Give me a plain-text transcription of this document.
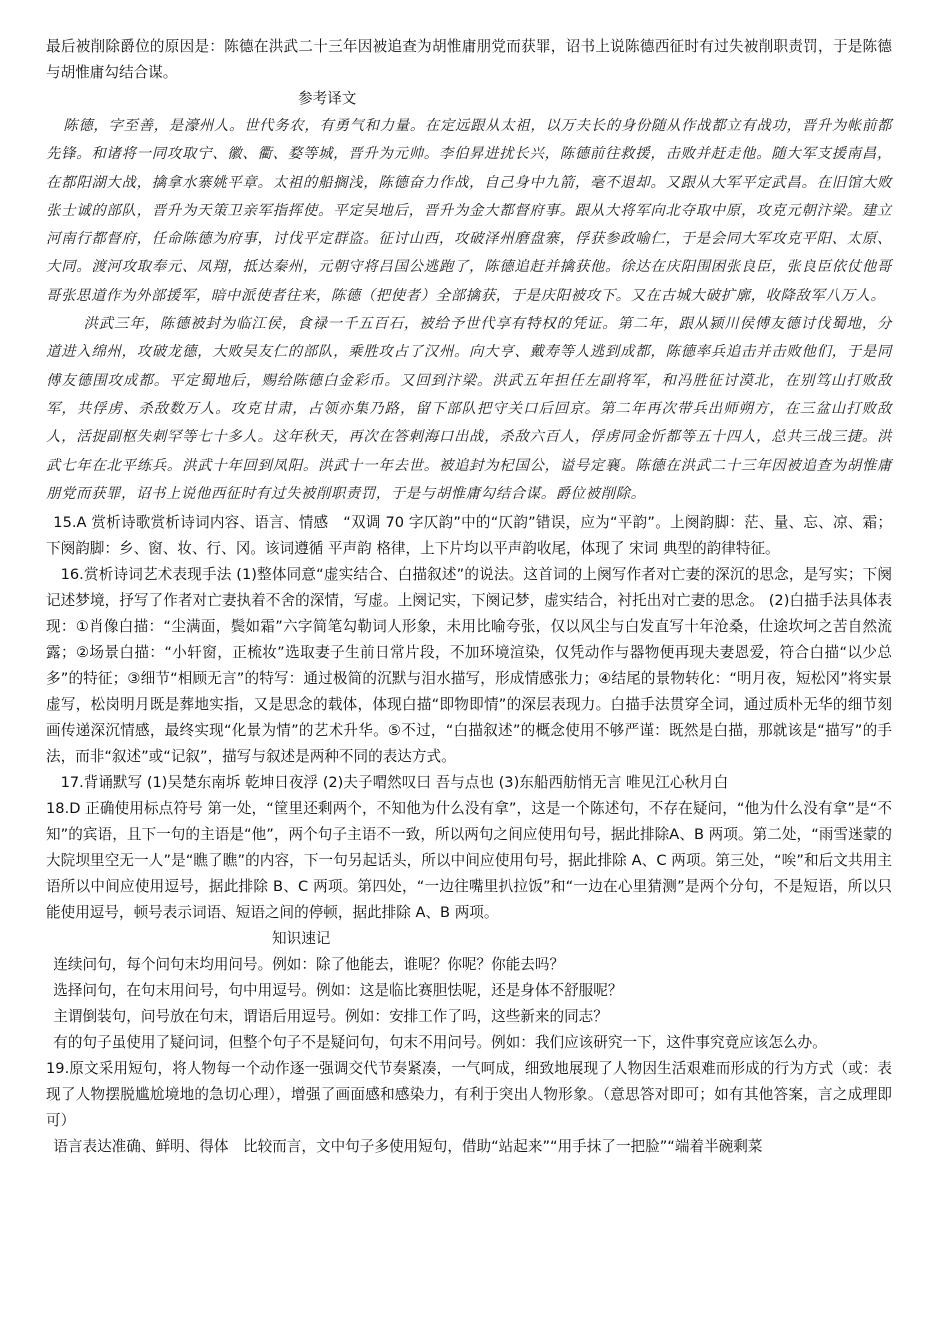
最后被削除爵位的原因是：陈德在洪武二十三年因被追查为胡惟庸朋党而获罪，诏书上说陈德西征时有过失被削职责罚，于是陈德与胡惟庸勾结合谋。

参考译文

陈德，字至善，是濠州人。世代务农，有勇气和力量。在定远跟从太祖，以万夫长的身份随从作战都立有战功，晋升为帐前都先锋。和诸将一同攻取宁、徽、衢、婺等城，晋升为元帅。李伯昇进扰长兴，陈德前往救援，击败并赶走他。随大军支援南昌，在都阳湖大战，擒拿水寨姚平章。太祖的船搁浅，陈德奋力作战，自己身中九箭，毫不退却。又跟从大军平定武昌。在旧馆大败张士诚的部队，晋升为天策卫亲军指挥使。平定吴地后，晋升为金大都督府事。跟从大将军向北夺取中原，攻克元朝汴梁。建立河南行都督府，任命陈德为府事，讨伐平定群盗。征讨山西，攻破泽州磨盘寨，俘获参政喻仁，于是会同大军攻克平阳、太原、大同。渡河攻取奉元、凤翔，抵达秦州，元朝守将吕国公逃跑了，陈德追赶并擒获他。徐达在庆阳围困张良臣，张良臣依仗他哥哥张思道作为外部援军，暗中派使者往来，陈德（把使者）全部擒获，于是庆阳被攻下。又在古城大破扩廓，收降敌军八万人。

洪武三年，陈德被封为临江侯，食禄一千五百石，被给予世代享有特权的凭证。第二年，跟从颍川侯傅友德讨伐蜀地，分道进入绵州，攻破龙德，大败吴友仁的部队，乘胜攻占了汉州。向大亨、戴寿等人逃到成都，陈德率兵追击并击败他们，于是同傅友德围攻成都。平定蜀地后，赐给陈德白金彩币。又回到汴梁。洪武五年担任左副将军，和冯胜征讨漠北，在别笃山打败敌军，共俘虏、杀敌数万人。攻克甘肃，占领亦集乃路，留下部队把守关口后回京。第二年再次带兵出师朔方，在三盆山打败敌人，活捉副枢失刺罕等七十多人。这年秋天，再次在答剌海口出战，杀敌六百人，俘虏同金忻都等五十四人，总共三战三捷。洪武七年在北平练兵。洪武十年回到凤阳。洪武十一年去世。被追封为杞国公，谥号定襄。陈德在洪武二十三年因被追查为胡惟庸朋党而获罪，诏书上说他西征时有过失被削职责罚，于是与胡惟庸勾结合谋。爵位被削除。

15.A 赏析诗歌赏析诗词内容、语言、情感　“双调 70 字仄韵”中的“仄韵”错误，应为“平韵”。上阕韵脚：茫、量、忘、凉、霜；下阕韵脚：乡、窗、妆、行、冈。该词遵循 平声韵 格律，上下片均以平声韵收尾，体现了 宋词 典型的韵律特征。

16.赏析诗词艺术表现手法 (1)整体同意“虚实结合、白描叙述”的说法。这首词的上阕写作者对亡妻的深沉的思念，是写实；下阕记述梦境，抒写了作者对亡妻执着不舍的深情，写虚。上阕记实，下阕记梦，虚实结合，衬托出对亡妻的思念。 (2)白描手法具体表现：①肖像白描：“尘满面，鬓如霜”六字简笔勾勒词人形象，未用比喻夸张，仅以风尘与白发直写十年沧桑，仕途坎坷之苦自然流露；②场景白描：“小轩窗，正梳妆”选取妻子生前日常片段，不加环境渲染，仅凭动作与器物便再现夫妻恩爱，符合白描“以少总多”的特征；③细节“相顾无言”的特写：通过极简的沉默与泪水描写，形成情感张力；④结尾的景物转化：“明月夜，短松冈”将实景虚写，松岗明月既是葬地实指，又是思念的载体，体现白描“即物即情”的深层表现力。白描手法贯穿全词，通过质朴无华的细节刻画传递深沉情感，最终实现“化景为情”的艺术升华。⑤不过，“白描叙述”的概念使用不够严谨：既然是白描，那就该是“描写”的手法，而非“叙述”或“记叙”，描写与叙述是两种不同的表达方式。

17.背诵默写 (1)吴楚东南坼 乾坤日夜浮 (2)夫子喟然叹曰 吾与点也 (3)东船西舫悄无言 唯见江心秋月白

18.D 正确使用标点符号 第一处，“筐里还剩两个，不知他为什么没有拿”，这是一个陈述句，不存在疑问，“他为什么没有拿”是“不知”的宾语，且下一句的主语是“他”，两个句子主语不一致，所以两句之间应使用句号，据此排除A、B 两项。第二处，“雨雪迷蒙的大院坝里空无一人”是“瞧了瞧”的内容，下一句另起话头，所以中间应使用句号，据此排除 A、C 两项。第三处，“唉”和后文共用主语所以中间应使用逗号，据此排除 B、C 两项。第四处，“一边往嘴里扒拉饭”和“一边在心里猜测”是两个分句，不是短语，所以只能使用逗号，顿号表示词语、短语之间的停顿，据此排除 A、B 两项。

知识速记

连续问句，每个问句末均用问号。例如：除了他能去，谁呢？你呢？你能去吗？

选择问句，在句末用问号，句中用逗号。例如：这是临比赛胆怯呢，还是身体不舒服呢？

主谓倒装句，问号放在句末，谓语后用逗号。例如：安排工作了吗，这些新来的同志？

有的句子虽使用了疑问词，但整个句子不是疑问句，句末不用问号。例如：我们应该研究一下，这件事究竟应该怎么办。

19.原文采用短句，将人物每一个动作逐一强调交代节奏紧凑，一气呵成，细致地展现了人物因生活艰难而形成的行为方式（或：表现了人物摆脱尴尬境地的急切心理），增强了画面感和感染力，有利于突出人物形象。（意思答对即可；如有其他答案，言之成理即可）

语言表达准确、鲜明、得体　比较而言，文中句子多使用短句，借助“站起来”“用手抹了一把脸”“端着半碗剩菜
